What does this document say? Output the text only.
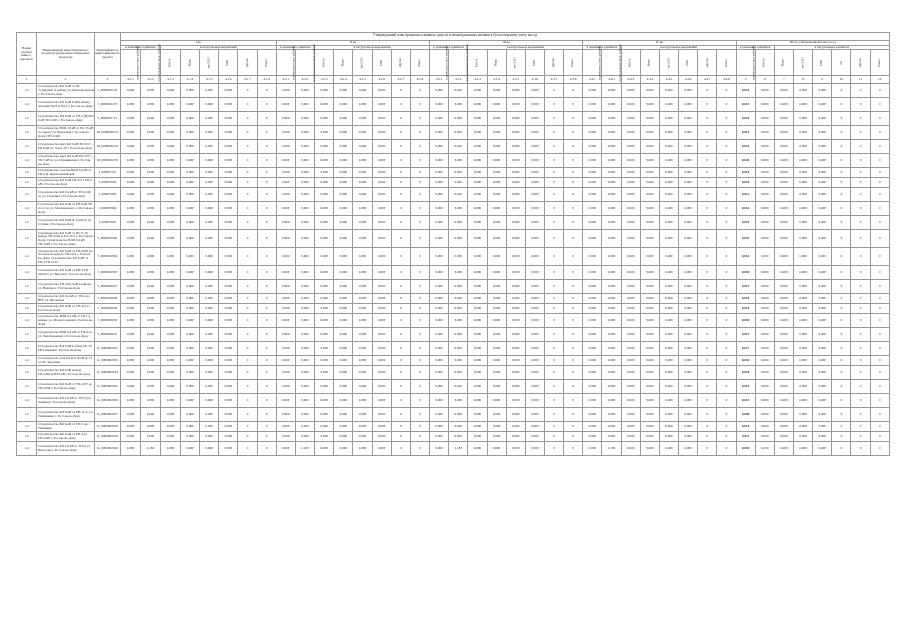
Утвержденный план принятия основных средств и нематериальных активов к бухгалтерскому учету на год
Номер группы инвест-проектов	Наименование инвестиционного проекта (группы инвестиционных проектов)	Идентификатор инвестиционного проекта																																								
			I кв								II кв								III кв								IV кв								Итого утвержденный план за год							
			в денежных единицах		в натуральном выражении						в денежных единицах		в натуральном выражении						в денежных единицах		в натуральном выражении						в денежных единицах		в натуральном выражении						в денежных единицах		в натуральных единицах					
			в денежных (млн. рублей)	в натуральных (млн. рублей)	МВ×А	Мвар	км ЛЭП	МВт	Другое	Итого	в денежных (млн. рублей)	в натуральных (млн. рублей)	МВ×А	Мвар	км ЛЭП	МВт	Другое	Итого	в денежных (млн. рублей)	в натуральных (млн. рублей)	МВ×А	Мвар	км ЛЭП	МВт	Другое	Итого	в денежных (млн. рублей)	в натуральных (млн. рублей)	МВ×А	Мвар	км ЛЭП	МВт	Другое	Итого	в денежных (млн. рублей)	МВ×А	Мвар	км ЛЭП	МВт	шт	Другое	Итого
1	2	3	4.1.1	4.1.2	4.1.3	4.1.4	4.1.5	4.1.6	4.1.7	4.1.8	4.2.1	4.2.2	4.2.3	4.2.4	4.2.5	4.2.6	4.2.7	4.2.8	4.3.1	4.3.2	4.3.3	4.3.4	4.3.5	4.3.6	4.3.7	4.3.8	4.4.1	4.4.2	4.4.3	4.4.4	4.4.5	4.4.6	4.4.7	4.4.8	5	6	7	8	9	10	11	12
1.4	Строительство КЛ 6 кВ от ПС "Северная" в районе ул. Комсомольская г. Ростов-на-Дону	J_0000001234	0,000	0,000	0,000	0,000	0,000	0,000	0	0	0,000	0,000	0,000	0,000	0,000	0,000	0	0	0,000	0,000	0,000	0,000	0,000	0,000	0	0	0,000	0,000	0,000	0,000	0,000	0,000	0	0	0,010	0,000	0,000	0,000	0,000	0	0	0
1.4	Строительство КЛ 6 кВ Р-604 между опорами №19 и №14 г. Ростов-на-Дону	J_0000001237	0,000	0,000	0,000	0,000	0,000	0,000	0	0	0,000	0,000	0,000	0,000	0,000	0,000	0	0	0,000	0,000	0,000	0,000	0,000	0,000	0	0	0,000	0,000	0,000	0,000	0,000	0,000	0	0	0,015	0,000	0,000	0,000	0,000	0	0	0
1.4	Строительство КЛ 6 кВ от ТП-2 (Н) РП 6 кВ ТП-1245 г. Ростов-на-Дону	J_0000001715	0,000	0,000	0,000	0,000	0,000	0,000	0	0	0,000	0,000	0,000	0,000	0,000	0,000	0	0	0,000	0,000	0,000	0,000	0,000	0,000	0	0	0,000	0,000	0,000	0,000	0,000	0,000	0	0	0,010	0,000	0,000	0,000	0,000	0	0	0
1.4	Строительство ВЛИ-10 кВ от ПС 35 кВ по адресу ул. Береговая г. Ростов-на-Дону (ТП 2120)	M_0000002251	0,000	0,000	0,000	0,000	0,000	0,000	0	0	0,000	0,000	0,000	0,000	0,000	0,000	0	0	0,000	0,000	0,000	0,000	0,000	0,000	0	0	0,000	0,000	0,000	0,000	0,000	0,000	0	0	0,013	0,000	0,000	0,000	0,000	0	0	0
1.4	Строительство двух КЛ 6 кВ ТП 3217 – РП 6 кВ ул. Зорге 23 г. Ростов-на-Дону	M_0000002252	0,000	0,000	0,000	0,000	0,000	0,000	0	0	0,000	0,000	0,000	0,000	0,000	0,000	0	0	0,000	0,000	0,000	0,000	0,000	0,000	0	0	0,000	0,000	0,000	0,000	0,000	0,000	0	0	0,010	0,000	0,000	0,000	0,000	0	0	0
1.4	Строительство двух КЛ 6 кВ РП 2371 – ТП 5 кВ по ул. Пушкинская г. Ростов-на-Дону	M_0000002253	0,000	0,000	0,000	0,000	0,000	0,000	0	0	0,000	0,000	0,000	0,000	0,000	0,000	0	0	0,000	0,000	0,000	0,000	0,000	0,000	0	0	0,000	0,000	0,000	0,000	0,000	0,000	0	0	0,024	0,000	0,000	0,000	0,000	0	0	0
1.4	Строительство участка ВЛИ 0,4 кВ от ТП-4 ф. Красноармейская	I_000007751	0,000	0,000	0,000	0,000	0,000	0,000	0	0	0,000	0,000	0,000	0,000	0,000	0,000	0	0	0,000	0,000	0,000	0,000	0,000	0,000	0	0	0,000	0,000	0,000	0,000	0,000	0,000	0	0	0,016	0,000	0,000	0,000	0,000	0	0	0
1.4	Строительство КЛ 6 кВ ТП-2571 РП 6 кВ г. Ростов-на-Дону	I_000007602	0,000	0,000	0,000	0,000	0,000	0,000	0	0	0,000	0,000	0,000	0,000	0,000	0,000	0	0	0,000	0,000	0,000	0,000	0,000	0,000	0	0	0,000	0,000	0,000	0,000	0,000	0,000	0	0	0,010	0,000	0,000	0,000	0,000	0	0	0
1.4	Строительство КЛ 0,4 кВ от ТП-2140 по ул. Гагарина г. Ростов-на-Дону	I_000007603	0,000	0,000	0,000	0,000	0,000	0,000	0	0	0,000	0,000	0,000	0,000	0,000	0,000	0	0	0,000	0,000	0,000	0,000	0,000	0,000	0	0	0,000	0,000	0,000	0,000	0,000	0,000	0	0	0,012	0,000	0,000	0,000	0,000	0	0	0
1.4	Строительство КЛ 6 кВ от РП 6 кВ ТП 2-2-2 по ул. Малиновского г. Ростов-на-Дону	I_000007604	0,000	0,000	0,000	0,000	0,000	0,000	0	0	0,000	0,000	0,000	0,000	0,000	0,000	0	0	0,000	0,000	0,000	0,000	0,000	0,000	0	0	0,000	0,000	0,000	0,000	0,000	0,000	0	0	0,014	0,000	0,000	0,000	0,000	0	0	0
1.4	Строительство КЛ 6 кВ ф. 6 (Н) по ул. Стачки г. Ростов-на-Дону	I_000007605	0,000	0,000	0,000	0,000	0,000	0,000	0	0	0,000	0,000	0,000	0,000	0,000	0,000	0	0	0,000	0,000	0,000	0,000	0,000	0,000	0	0	0,000	0,000	0,000	0,000	0,000	0,000	0	0	0,019	0,000	0,000	0,000	0,000	0	0	0
1.4	Строительство КЛ 6 кВ от ПС Р-10 между ТП-2104 и ТП-2111 г. Ростов-на-Дону. Строительство ВЛИ 0,4 кВ ТП-1240 г. Ростов-на-Дону	J_0000001992	0,000	0,000	0,000	0,000	0,000	0,000	0	0	0,000	0,000	0,000	0,000	0,000	0,000	0	0	0,000	0,000	0,000	0,000	0,000	0,000	0	0	0,000	0,000	0,000	0,000	0,000	0,000	0	0	0,021	0,000	0,000	0,000	0,000	0	0	0
1.4	Строительство КЛ 6 кВ от ТП-4236 (ул. Зоологическая) до ТП-2121 г. Ростов-на-Дону. Строительство КЛ 6 кВ от РП-2 ТП-2122	J_0000001994	0,000	0,000	0,000	0,000	0,000	0,000	0	0	0,000	0,000	0,000	0,000	0,000	0,000	0	0	0,000	0,000	0,000	0,000	0,000	0,000	0	0	0,000	0,000	0,000	0,000	0,000	0,000	0	0	0,014	0,000	0,000	0,000	0,000	0	0	0
1.4	Строительство КЛ 6 кВ от РП-9 ТП 2456 по ул. Вятская г. Ростов-на-Дону	J_0000001995	0,000	0,000	0,000	0,000	0,000	0,000	0	0	0,000	0,000	0,000	0,000	0,000	0,000	0	0	0,000	0,000	0,000	0,000	0,000	0,000	0	0	0,000	0,000	0,000	0,000	0,000	0,000	0	0	0,010	0,000	0,000	0,000	0,000	0	0	0
1.4	Строительство ТП-10/0,4 кВ в районе ул. Нансена г. Ростов-на-Дону	J_0000002027	0,000	0,000	0,000	0,000	0,000	0,000	0	0	0,000	0,000	0,000	0,000	0,000	0,000	0	0	0,000	0,000	0,000	0,000	0,000	0,000	0	0	0,000	0,000	0,000	0,000	0,000	0,000	0	0	0,012	0,000	0,000	0,000	0,000	0	0	0
1.4	Строительство КЛ 0,4 кВ от ТП-4 до ВРУ ул. Шолохова	J_0000002028	0,000	0,000	0,000	0,000	0,000	0,000	0	0	0,000	0,000	0,000	0,000	0,000	0,000	0	0	0,000	0,000	0,000	0,000	0,000	0,000	0	0	0,000	0,000	0,000	0,000	0,000	0,000	0	0	0,010	0,000	0,000	0,000	0,000	0	0	0
1.4	Строительство КЛ 6 кВ от ТП-2211 г. Ростов-на-Дону	J_0000002029	0,000	0,000	0,000	0,000	0,000	0,000	0	0	0,000	0,000	0,000	0,000	0,000	0,000	0	0	0,000	0,000	0,000	0,000	0,000	0,000	0	0	0,000	0,000	0,000	0,000	0,000	0,000	0	0	0,014	0,000	0,000	0,000	0,000	0	0	0
1.4	Строительство ВЛИ 0,4 кВ от ТП-1 в районе ул. Малая Садовая г. Ростов-на-Дону	J_0000002030	0,000	0,000	0,000	0,000	0,000	0,000	0	0	0,000	0,000	0,000	0,000	0,000	0,000	0	0	0,000	0,000	0,000	0,000	0,000	0,000	0	0	0,000	0,000	0,000	0,000	0,000	0,000	0	0	0,010	0,000	0,000	0,000	0,000	0	0	0
1.4	Строительство ВЛИ 0,4 кВ от ТП-4 по ул. Левобережная г. Ростов-на-Дону	J_0000002031	0,000	0,000	0,000	0,000	0,000	0,000	0	0	0,000	0,000	0,000	0,000	0,000	0,000	0	0	0,000	0,000	0,000	0,000	0,000	0,000	0	0	0,000	0,000	0,000	0,000	0,000	0,000	0	0	0,012	0,000	0,000	0,000	0,000	0	0	0
1.4	Строительство КЛ 6 кВ в обход ПС 35 кВ Северная г. Ростов-на-Дону	K_0000002032	0,000	0,000	0,000	0,000	0,000	0,000	0	0	0,000	0,000	0,000	0,000	0,000	0,000	0	0	0,000	0,000	0,000	0,000	0,000	0,000	0	0	0,000	0,000	0,000	0,000	0,000	0,000	0	0	0,017	0,000	0,000	0,000	0,000	0	0	0
1.4	Строительство участка КЛ 10 кВ ф. 15 от ПС Заречная	K_0000002033	0,000	0,000	0,000	0,000	0,000	0,000	0	0	0,000	0,000	0,000	0,000	0,000	0,000	0	0	0,000	0,000	0,000	0,000	0,000	0,000	0	0	0,000	0,000	0,000	0,000	0,000	0,000	0	0	0,010	0,000	0,000	0,000	0,000	0	0	0
1.4	Строительство КЛ 6 кВ между ТП-2240 и РП 6 кВ г. Ростов-на-Дону	K_0000002034	0,000	0,000	0,000	0,000	0,000	0,000	0	0	0,000	0,000	0,000	0,000	0,000	0,000	0	0	0,000	0,000	0,000	0,000	0,000	0,000	0	0	0,000	0,000	0,000	0,000	0,000	0,000	0	0	0,018	0,000	0,000	0,000	0,000	0	0	0
1.4	Строительство КЛ 6 кВ от ТП-2237 до ТП-2238 г. Ростов-на-Дону	K_0000002035	0,000	0,000	0,000	0,000	0,000	0,000	0	0	0,000	0,000	0,000	0,000	0,000	0,000	0	0	0,000	0,000	0,000	0,000	0,000	0,000	0	0	0,000	0,000	0,000	0,000	0,000	0,000	0	0	0,013	0,000	0,000	0,000	0,000	0	0	0
1.4	Строительство КЛ 0,4 кВ от ТП-3 (ул. Ленина) г. Ростов-на-Дону	K_0000002036	0,000	0,000	0,000	0,000	0,000	0,000	0	0	0,000	0,000	0,000	0,000	0,000	0,000	0	0	0,000	0,000	0,000	0,000	0,000	0,000	0	0	0,000	0,000	0,000	0,000	0,000	0,000	0	0	0,015	0,000	0,000	0,000	0,000	0	0	0
1.4	Строительство КЛ 6 кВ от РП-11 по ул. Тимошенко г. Ростов-на-Дону	K_0000002037	0,000	0,000	0,000	0,000	0,000	0,000	0	0	0,000	0,000	0,000	0,000	0,000	0,000	0	0	0,000	0,000	0,000	0,000	0,000	0,000	0	0	0,000	0,000	0,000	0,000	0,000	0,000	0	0	0,009	0,000	0,000	0,000	0,000	0	0	0
1.4	Строительство ВЛ 6 кВ от ТП-5 пос. Темерник	K_0000002038	0,000	0,000	0,000	0,000	0,000	0,000	0	0	0,000	0,000	0,000	0,000	0,000	0,000	0	0	0,000	0,000	0,000	0,000	0,000	0,000	0	0	0,000	0,000	0,000	0,000	0,000	0,000	0	0	0,014	0,000	0,000	0,000	0,000	0	0	0
1.4	Строительство КЛ 6 кВ от РП-4 до ТП-2420 г. Ростов-на-Дону	K_0000002039	0,000	0,000	0,000	0,000	0,000	0,000	0	0	0,000	0,000	0,000	0,000	0,000	0,000	0	0	0,000	0,000	0,000	0,000	0,000	0,000	0	0	0,000	0,000	0,000	0,000	0,000	0,000	0	0	0,011	0,000	0,000	0,000	0,000	0	0	0
1.4	Строительство КЛ 0,4 кВ от ТП-6 ул. Пирогова г. Ростов-на-Дону	K_0000002040	0,000	2,183	0,000	0,000	0,000	0,000	0	0	0,000	2,183	0,000	0,000	0,000	0,000	0	0	0,000	2,183	0,000	0,000	0,000	0,000	0	0	0,000	2,183	0,000	0,000	0,000	0,000	0	0	0,010	0,250	0,000	0,000	0,000	0	0	0
